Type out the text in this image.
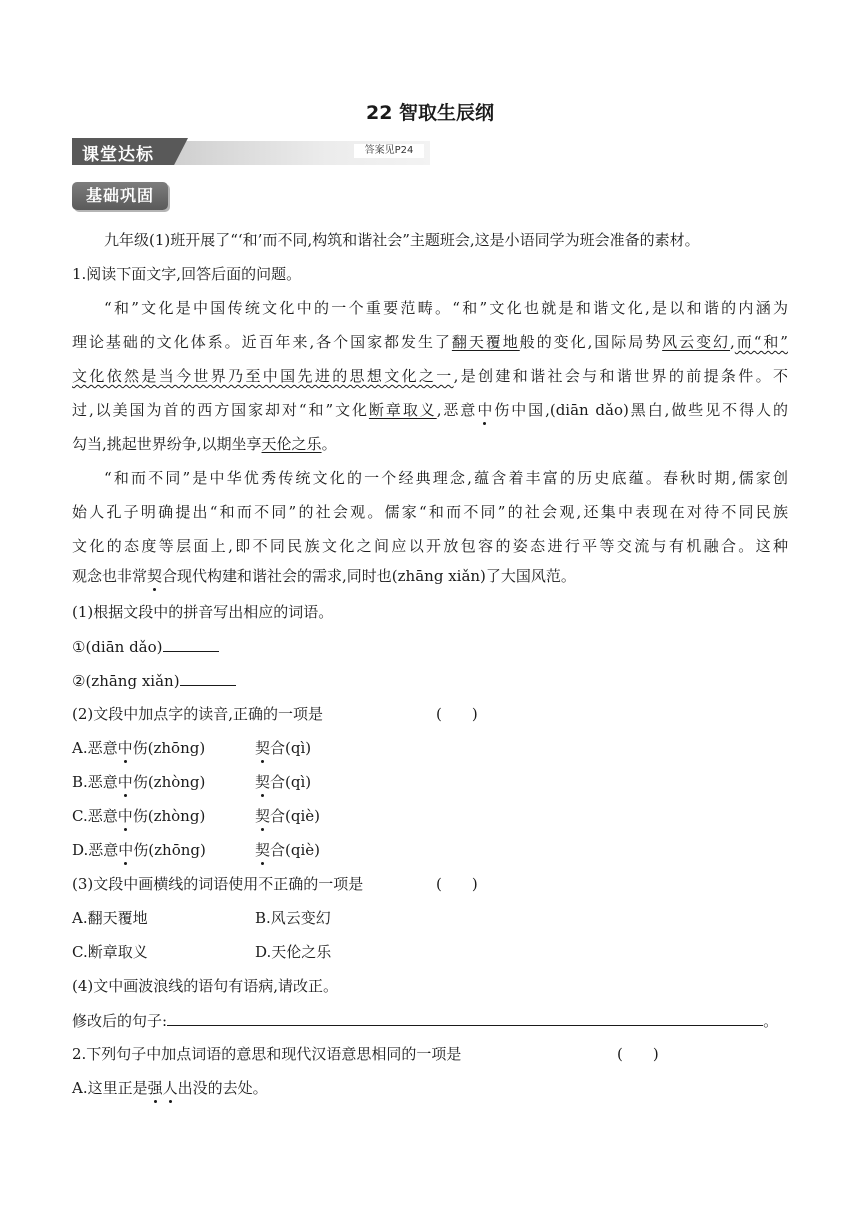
22 智取生辰纲
课堂达标	答案见P24
基础巩固
九年级(1)班开展了“‘和’而不同,构筑和谐社会”主题班会,这是小语同学为班会准备的素材。
1.阅读下面文字,回答后面的问题。
“和”文化是中国传统文化中的一个重要范畴。“和”文化也就是和谐文化,是以和谐的内涵为
理论基础的文化体系。近百年来,各个国家都发生了翻天覆地般的变化,国际局势风云变幻,而“和”
文化依然是当今世界乃至中国先进的思想文化之一,是创建和谐社会与和谐世界的前提条件。不
过,以美国为首的西方国家却对“和”文化断章取义,恶意中伤中国,(diān dǎo)黑白,做些见不得人的
勾当,挑起世界纷争,以期坐享天伦之乐。
“和而不同”是中华优秀传统文化的一个经典理念,蕴含着丰富的历史底蕴。春秋时期,儒家创
始人孔子明确提出“和而不同”的社会观。儒家“和而不同”的社会观,还集中表现在对待不同民族
文化的态度等层面上,即不同民族文化之间应以开放包容的姿态进行平等交流与有机融合。这种
观念也非常契合现代构建和谐社会的需求,同时也(zhāng xiǎn)了大国风范。
(1)根据文段中的拼音写出相应的词语。
①(diān dǎo)
②(zhāng xiǎn)
(2)文段中加点字的读音,正确的一项是	(　　)
A.恶意中伤(zhōng)	契合(qì)
B.恶意中伤(zhòng)	契合(qì)
C.恶意中伤(zhòng)	契合(qiè)
D.恶意中伤(zhōng)	契合(qiè)
(3)文段中画横线的词语使用不正确的一项是	(　　)
A.翻天覆地	B.风云变幻
C.断章取义	D.天伦之乐
(4)文中画波浪线的语句有语病,请改正。
修改后的句子:	。
2.下列句子中加点词语的意思和现代汉语意思相同的一项是	(　　)
A.这里正是强人出没的去处。
